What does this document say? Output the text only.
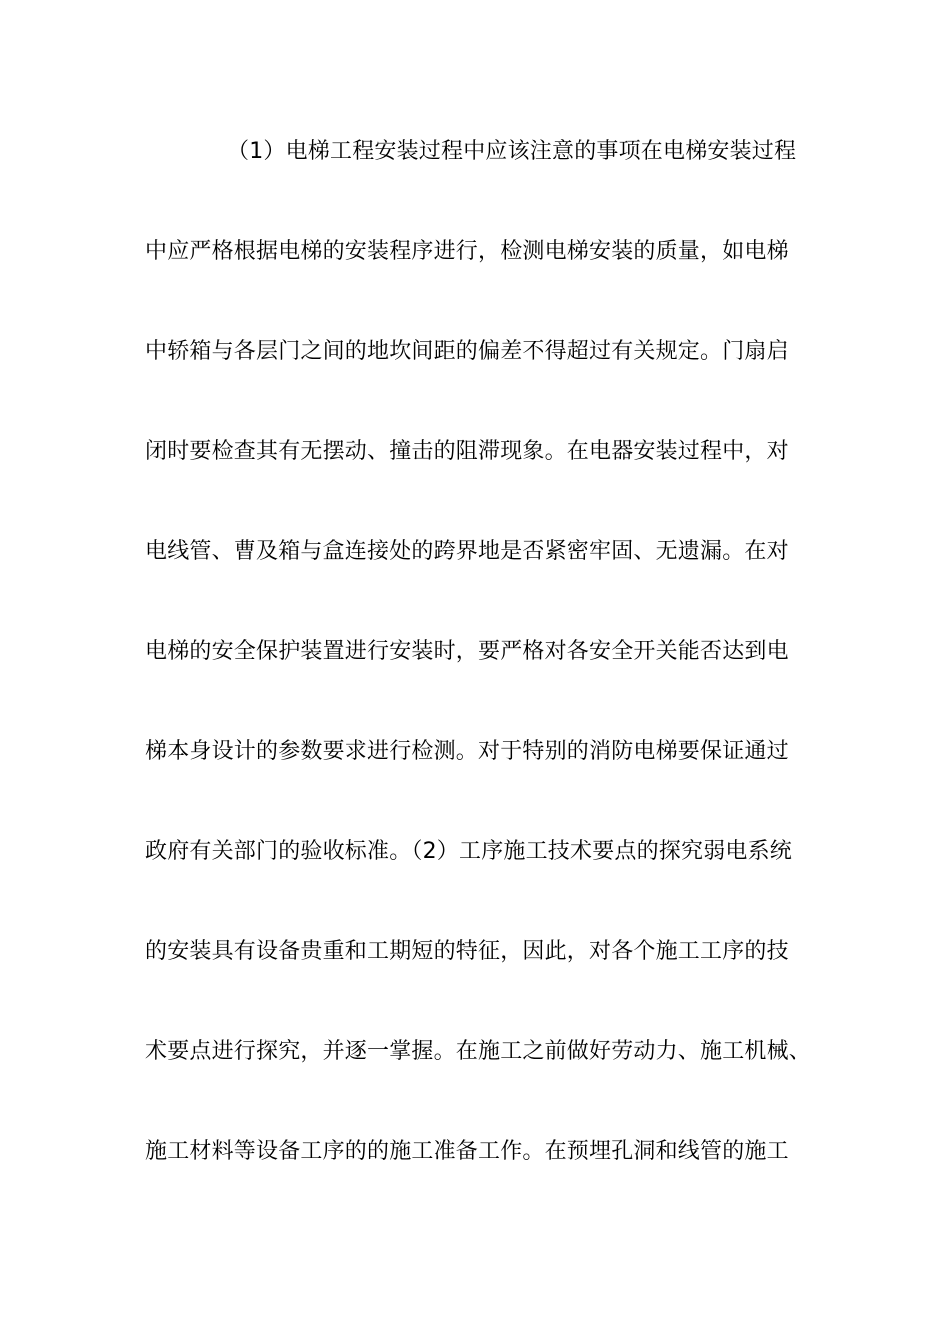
（1）电梯工程安装过程中应该注意的事项在电梯安装过程
中应严格根据电梯的安装程序进行，检测电梯安装的质量，如电梯
中轿箱与各层门之间的地坎间距的偏差不得超过有关规定。门扇启
闭时要检查其有无摆动、撞击的阻滞现象。在电器安装过程中，对
电线管、曹及箱与盒连接处的跨界地是否紧密牢固、无遗漏。在对
电梯的安全保护装置进行安装时，要严格对各安全开关能否达到电
梯本身设计的参数要求进行检测。对于特别的消防电梯要保证通过
政府有关部门的验收标准。（2）工序施工技术要点的探究弱电系统
的安装具有设备贵重和工期短的特征，因此，对各个施工工序的技
术要点进行探究，并逐一掌握。在施工之前做好劳动力、施工机械、
施工材料等设备工序的的施工准备工作。在预埋孔洞和线管的施工
